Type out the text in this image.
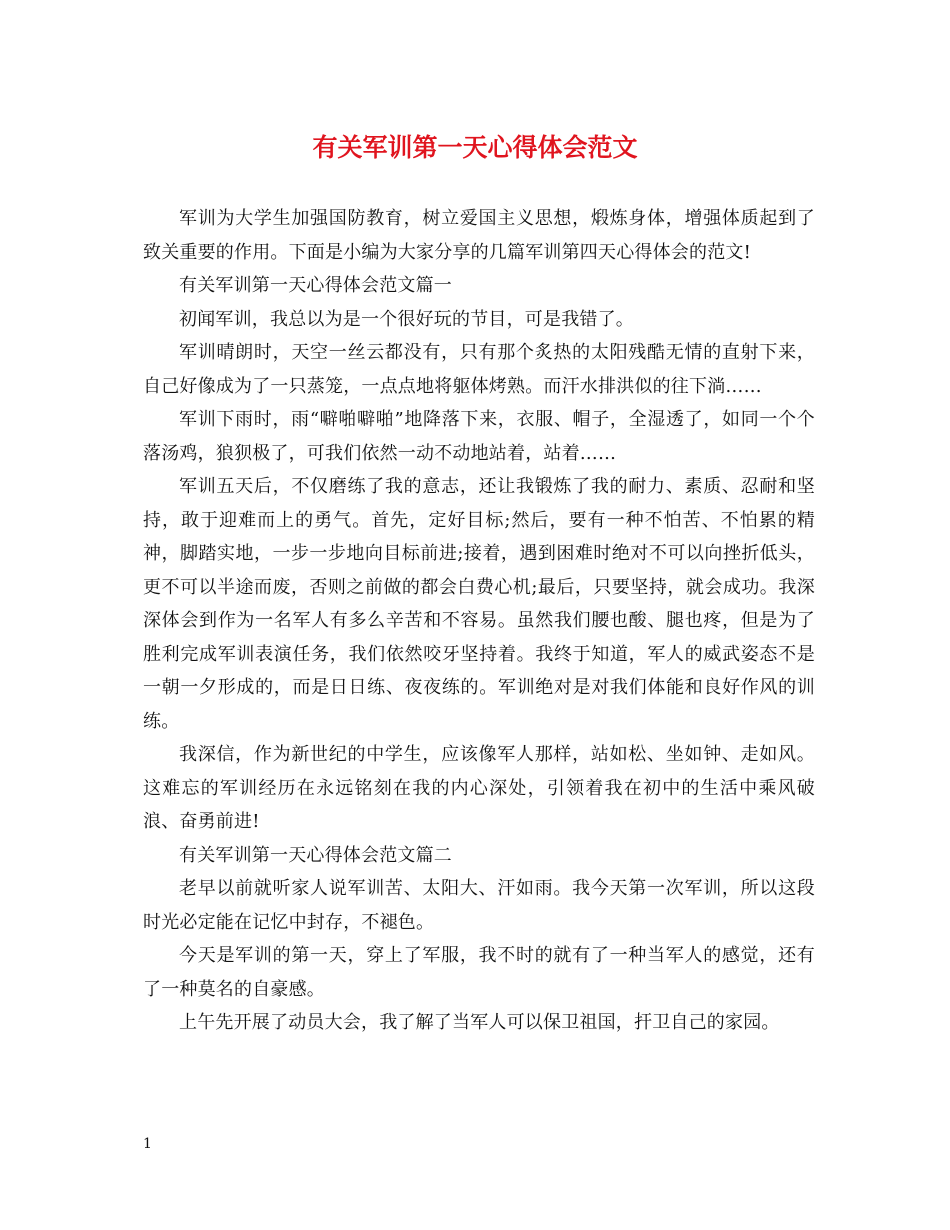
有关军训第一天心得体会范文

军训为大学生加强国防教育，树立爱国主义思想，煅炼身体，增强体质起到了致关重要的作用。下面是小编为大家分享的几篇军训第四天心得体会的范文!

有关军训第一天心得体会范文篇一

初闻军训，我总以为是一个很好玩的节目，可是我错了。

军训晴朗时，天空一丝云都没有，只有那个炙热的太阳残酷无情的直射下来，自己好像成为了一只蒸笼，一点点地将躯体烤熟。而汗水排洪似的往下淌……

军训下雨时，雨“噼啪噼啪”地降落下来，衣服、帽子，全湿透了，如同一个个落汤鸡，狼狈极了，可我们依然一动不动地站着，站着……

军训五天后，不仅磨练了我的意志，还让我锻炼了我的耐力、素质、忍耐和坚持，敢于迎难而上的勇气。首先，定好目标;然后，要有一种不怕苦、不怕累的精神，脚踏实地，一步一步地向目标前进;接着，遇到困难时绝对不可以向挫折低头，更不可以半途而废，否则之前做的都会白费心机;最后，只要坚持，就会成功。我深深体会到作为一名军人有多么辛苦和不容易。虽然我们腰也酸、腿也疼，但是为了胜利完成军训表演任务，我们依然咬牙坚持着。我终于知道，军人的威武姿态不是一朝一夕形成的，而是日日练、夜夜练的。军训绝对是对我们体能和良好作风的训练。

我深信，作为新世纪的中学生，应该像军人那样，站如松、坐如钟、走如风。这难忘的军训经历在永远铭刻在我的内心深处，引领着我在初中的生活中乘风破浪、奋勇前进!

有关军训第一天心得体会范文篇二

老早以前就听家人说军训苦、太阳大、汗如雨。我今天第一次军训，所以这段时光必定能在记忆中封存，不褪色。

今天是军训的第一天，穿上了军服，我不时的就有了一种当军人的感觉，还有了一种莫名的自豪感。

上午先开展了动员大会，我了解了当军人可以保卫祖国，扞卫自己的家园。

1
